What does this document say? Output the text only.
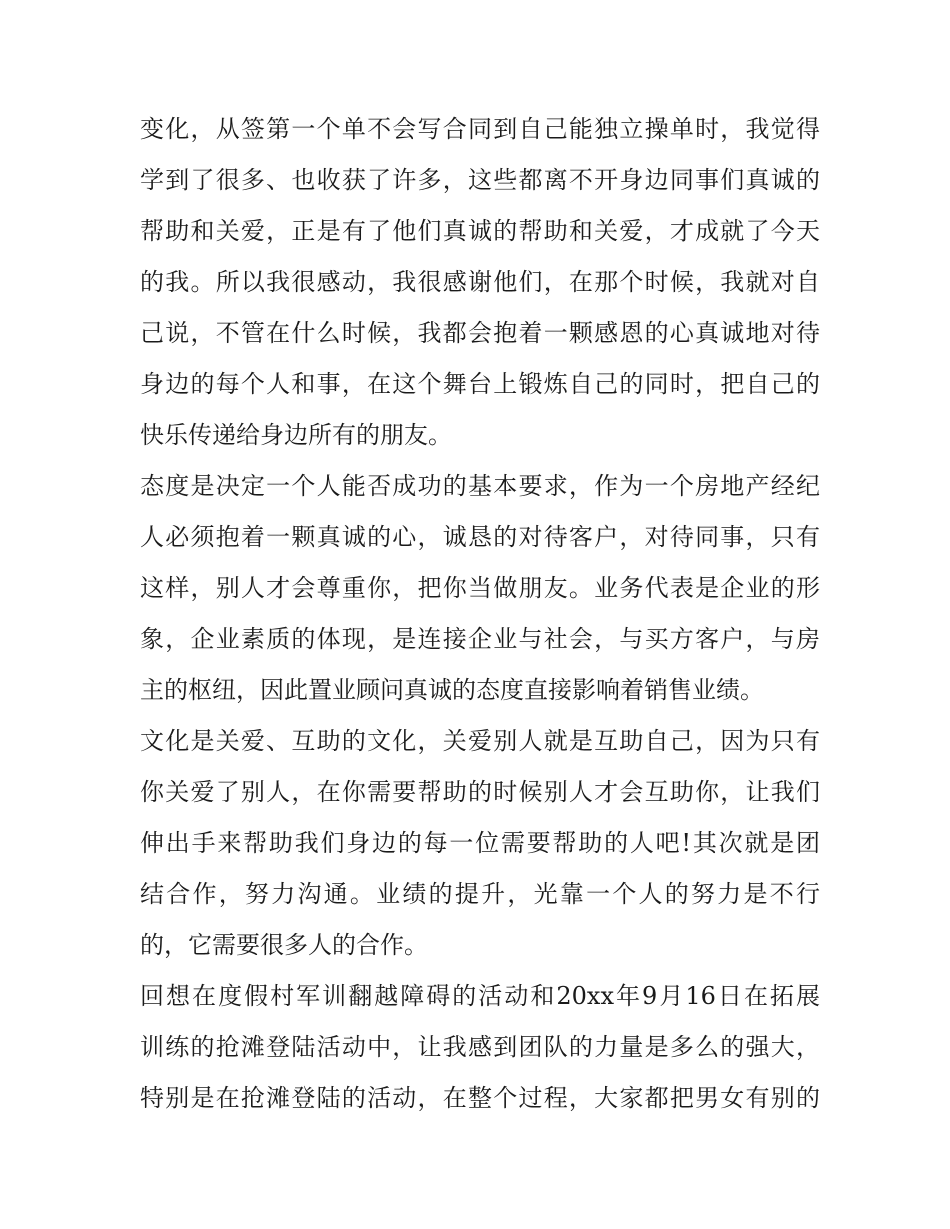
变化，从签第一个单不会写合同到自己能独立操单时，我觉得
学到了很多、也收获了许多，这些都离不开身边同事们真诚的
帮助和关爱，正是有了他们真诚的帮助和关爱，才成就了今天
的我。所以我很感动，我很感谢他们，在那个时候，我就对自
己说，不管在什么时候，我都会抱着一颗感恩的心真诚地对待
身边的每个人和事，在这个舞台上锻炼自己的同时，把自己的
快乐传递给身边所有的朋友。
态度是决定一个人能否成功的基本要求，作为一个房地产经纪
人必须抱着一颗真诚的心，诚恳的对待客户，对待同事，只有
这样，别人才会尊重你，把你当做朋友。业务代表是企业的形
象，企业素质的体现，是连接企业与社会，与买方客户，与房
主的枢纽，因此置业顾问真诚的态度直接影响着销售业绩。
文化是关爱、互助的文化，关爱别人就是互助自己，因为只有
你关爱了别人，在你需要帮助的时候别人才会互助你，让我们
伸出手来帮助我们身边的每一位需要帮助的人吧!其次就是团
结合作，努力沟通。业绩的提升，光靠一个人的努力是不行
的，它需要很多人的合作。
回想在度假村军训翻越障碍的活动和20xx年9月16日在拓展
训练的抢滩登陆活动中，让我感到团队的力量是多么的强大，
特别是在抢滩登陆的活动，在整个过程，大家都把男女有别的
